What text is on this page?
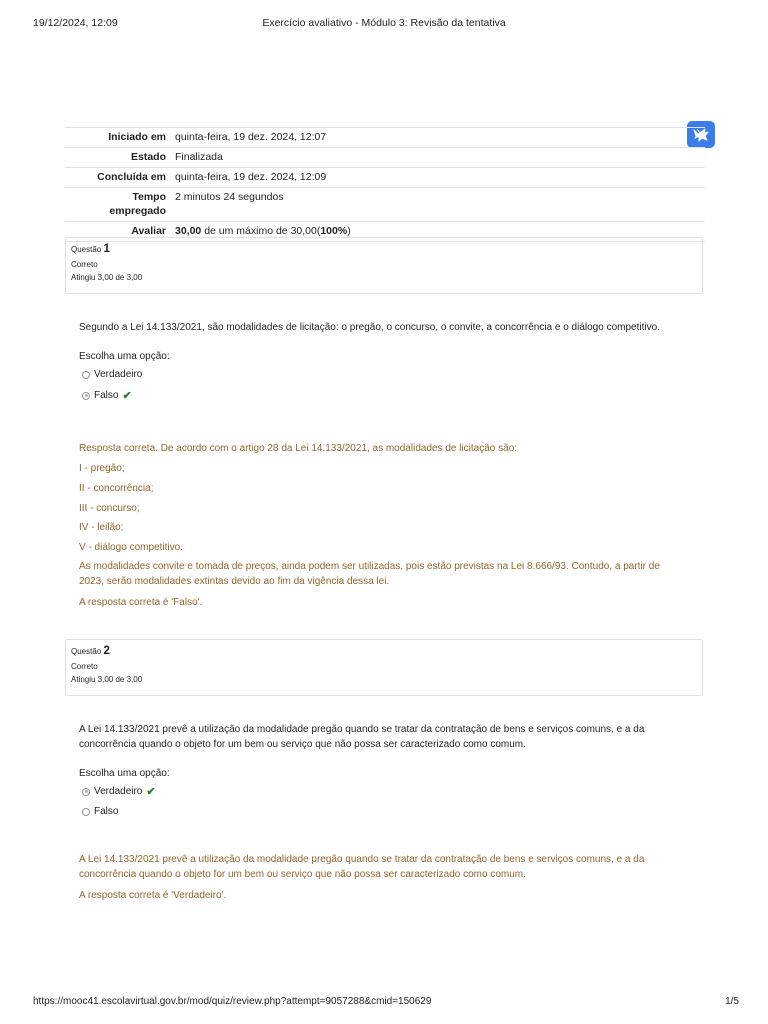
19/12/2024, 12:09	Exercício avaliativo - Módulo 3: Revisão da tentativa
Iniciado em quinta-feira, 19 dez. 2024, 12:07
Estado Finalizada
Concluída em quinta-feira, 19 dez. 2024, 12:09
Tempo
empregado
2 minutos 24 segundos
Avaliar 30,00 de um máximo de 30,00(100%)
Questão 1
Correto
Atingiu 3,00 de 3,00
Segundo a Lei 14.133/2021, são modalidades de licitação: o pregão, o concurso, o convite, a concorrência e o diálogo competitivo.
Escolha uma opção:
Verdadeiro
Falso ✔
Resposta correta. De acordo com o artigo 28 da Lei 14.133/2021, as modalidades de licitação são:
I - pregão;
II - concorrência;
III - concurso;
IV - leilão;
V - diálogo competitivo.
As modalidades convite e tomada de preços, ainda podem ser utilizadas, pois estão previstas na Lei 8.666/93. Contudo, a partir de 2023, serão modalidades extintas devido ao fim da vigência dessa lei.
A resposta correta é 'Falso'.
Questão 2
Correto
Atingiu 3,00 de 3,00
A Lei 14.133/2021 prevê a utilização da modalidade pregão quando se tratar da contratação de bens e serviços comuns, e a da concorrência quando o objeto for um bem ou serviço que não possa ser caracterizado como comum.
Escolha uma opção:
Verdadeiro ✔
Falso
A Lei 14.133/2021 prevê a utilização da modalidade pregão quando se tratar da contratação de bens e serviços comuns, e a da concorrência quando o objeto for um bem ou serviço que não possa ser caracterizado como comum.
A resposta correta é 'Verdadeiro'.
https://mooc41.escolavirtual.gov.br/mod/quiz/review.php?attempt=9057288&cmid=150629	1/5
